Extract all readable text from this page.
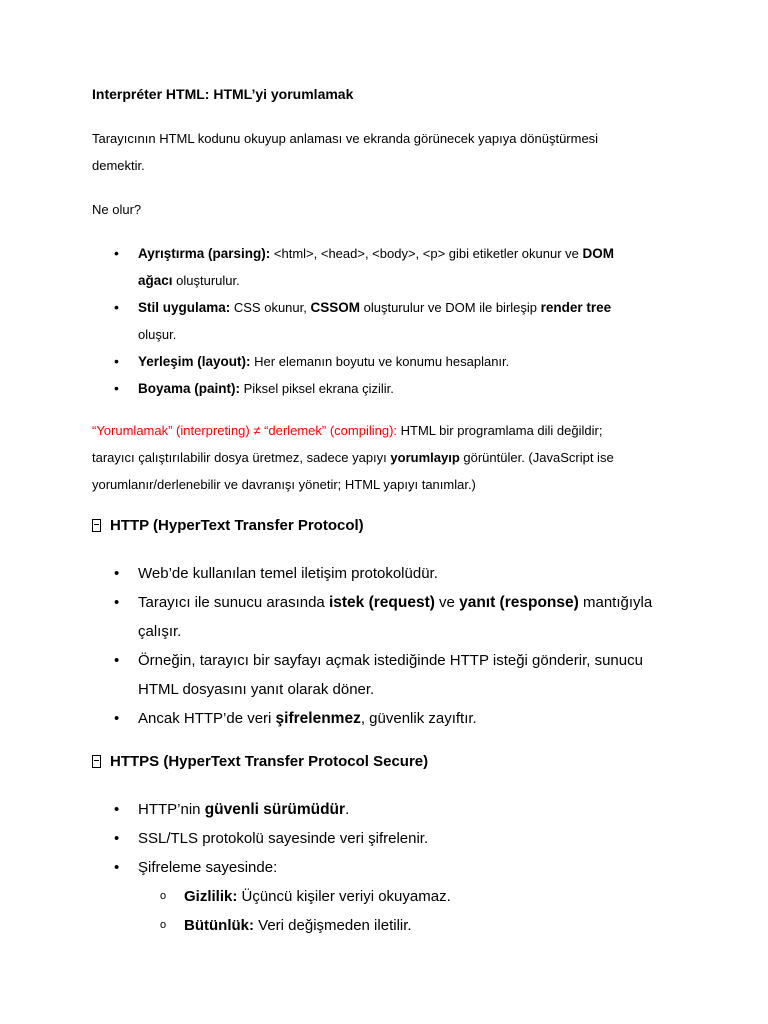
Interpréter HTML: HTML’yi yorumlamak

Tarayıcının HTML kodunu okuyup anlaması ve ekranda görünecek yapıya dönüştürmesi
demektir.

Ne olur?

• Ayrıştırma (parsing): <html>, <head>, <body>, <p> gibi etiketler okunur ve DOM
ağacı oluşturulur.
• Stil uygulama: CSS okunur, CSSOM oluşturulur ve DOM ile birleşip render tree
oluşur.
• Yerleşim (layout): Her elemanın boyutu ve konumu hesaplanır.
• Boyama (paint): Piksel piksel ekrana çizilir.

“Yorumlamak” (interpreting) ≠ “derlemek” (compiling): HTML bir programlama dili değildir;
tarayıcı çalıştırılabilir dosya üretmez, sadece yapıyı yorumlayıp görüntüler. (JavaScript ise
yorumlanır/derlenebilir ve davranışı yönetir; HTML yapıyı tanımlar.)

HTTP (HyperText Transfer Protocol)

• Web’de kullanılan temel iletişim protokolüdür.
• Tarayıcı ile sunucu arasında istek (request) ve yanıt (response) mantığıyla
çalışır.
• Örneğin, tarayıcı bir sayfayı açmak istediğinde HTTP isteği gönderir, sunucu
HTML dosyasını yanıt olarak döner.
• Ancak HTTP’de veri şifrelenmez, güvenlik zayıftır.

HTTPS (HyperText Transfer Protocol Secure)

• HTTP’nin güvenli sürümüdür.
• SSL/TLS protokolü sayesinde veri şifrelenir.
• Şifreleme sayesinde:
o Gizlilik: Üçüncü kişiler veriyi okuyamaz.
o Bütünlük: Veri değişmeden iletilir.
